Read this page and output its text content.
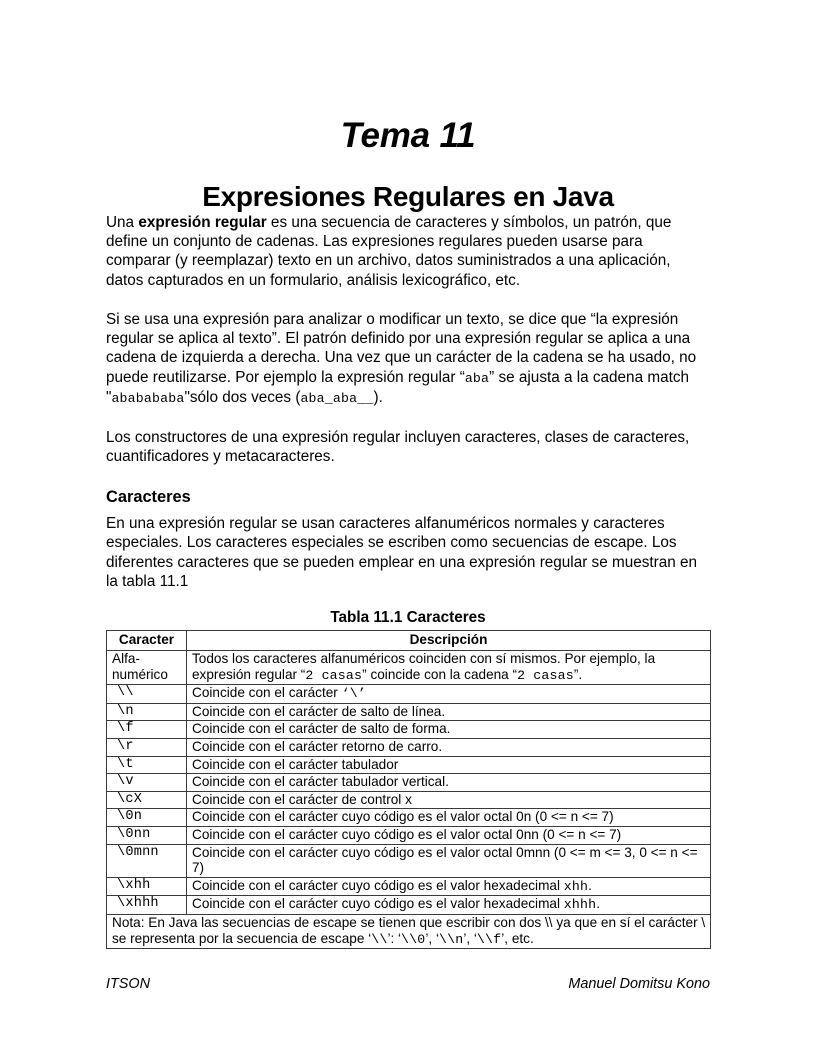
Tema 11
Expresiones Regulares en Java

Una expresión regular es una secuencia de caracteres y símbolos, un patrón, que define un conjunto de cadenas. Las expresiones regulares pueden usarse para comparar (y reemplazar) texto en un archivo, datos suministrados a una aplicación, datos capturados en un formulario, análisis lexicográfico, etc.

Si se usa una expresión para analizar o modificar un texto, se dice que “la expresión regular se aplica al texto”. El patrón definido por una expresión regular se aplica a una cadena de izquierda a derecha. Una vez que un carácter de la cadena se ha usado, no puede reutilizarse. Por ejemplo la expresión regular “aba” se ajusta a la cadena match "ababababa"sólo dos veces (aba_aba__).

Los constructores de una expresión regular incluyen caracteres, clases de caracteres, cuantificadores y metacaracteres.

Caracteres

En una expresión regular se usan caracteres alfanuméricos normales y caracteres especiales. Los caracteres especiales se escriben como secuencias de escape. Los diferentes caracteres que se pueden emplear en una expresión regular se muestran en la tabla 11.1

Tabla 11.1 Caracteres
Caracter	Descripción
Alfa-
numérico	Todos los caracteres alfanuméricos coinciden con sí mismos. Por ejemplo, la expresión regular “2 casas” coincide con la cadena “2 casas”.
\\	Coincide con el carácter ‘\’
\n	Coincide con el carácter de salto de línea.
\f	Coincide con el carácter de salto de forma.
\r	Coincide con el carácter retorno de carro.
\t	Coincide con el carácter tabulador
\v	Coincide con el carácter tabulador vertical.
\cX	Coincide con el carácter de control x
\0n	Coincide con el carácter cuyo código es el valor octal 0n (0 <= n <= 7)
\0nn	Coincide con el carácter cuyo código es el valor octal 0nn (0 <= n <= 7)
\0mnn	Coincide con el carácter cuyo código es el valor octal 0mnn (0 <= m <= 3, 0 <= n <= 7)
\xhh	Coincide con el carácter cuyo código es el valor hexadecimal xhh.
\xhhh	Coincide con el carácter cuyo código es el valor hexadecimal xhhh.
Nota: En Java las secuencias de escape se tienen que escribir con dos \\ ya que en sí el carácter \ se representa por la secuencia de escape ‘\\’: ‘\\0’, ‘\\n’, ‘\\f’, etc.	
ITSON	Manuel Domitsu Kono
